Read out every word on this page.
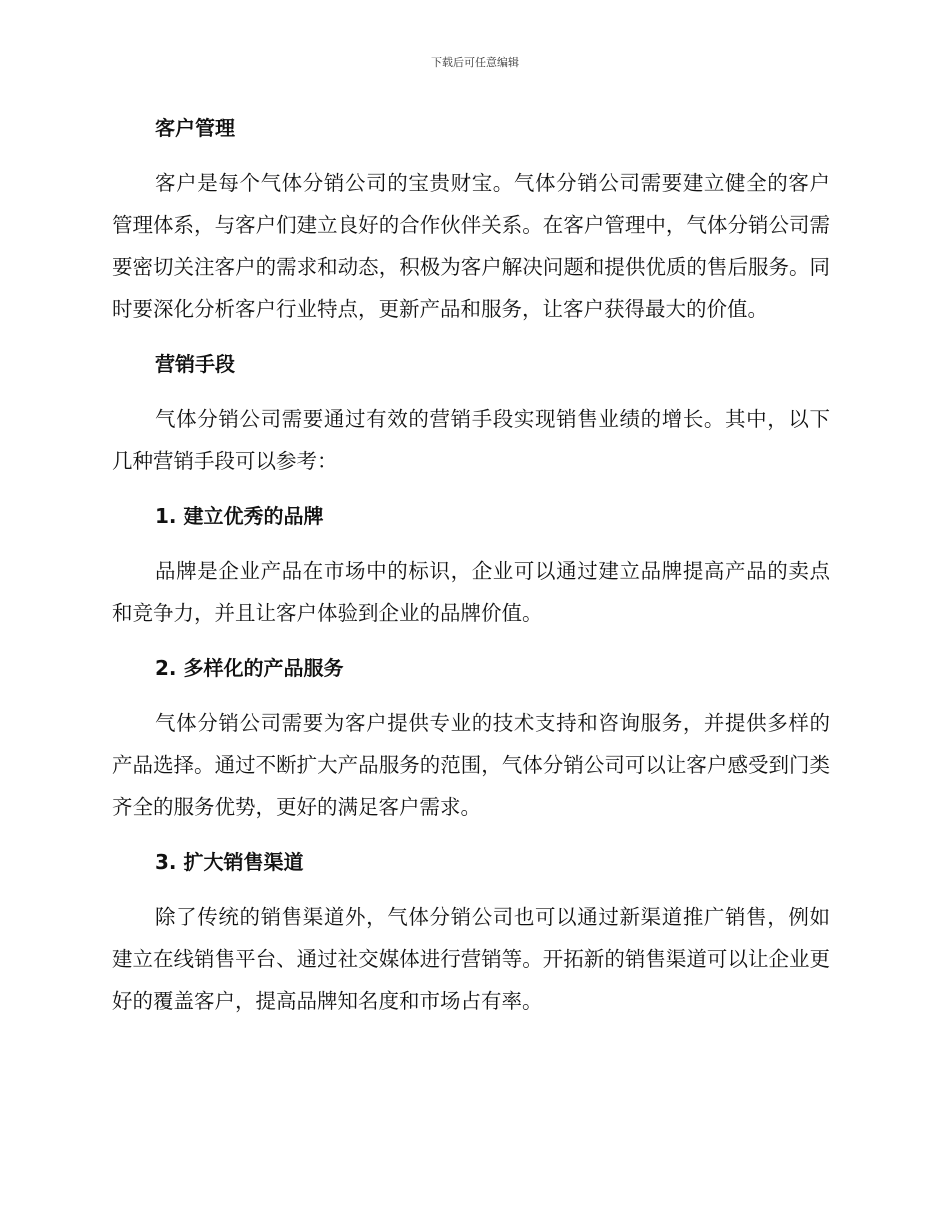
下载后可任意编辑
客户管理

客户是每个气体分销公司的宝贵财宝。气体分销公司需要建立健全的客户管理体系，与客户们建立良好的合作伙伴关系。在客户管理中，气体分销公司需要密切关注客户的需求和动态，积极为客户解决问题和提供优质的售后服务。同时要深化分析客户行业特点，更新产品和服务，让客户获得最大的价值。

营销手段

气体分销公司需要通过有效的营销手段实现销售业绩的增长。其中，以下几种营销手段可以参考：

1. 建立优秀的品牌

品牌是企业产品在市场中的标识，企业可以通过建立品牌提高产品的卖点和竞争力，并且让客户体验到企业的品牌价值。

2. 多样化的产品服务

气体分销公司需要为客户提供专业的技术支持和咨询服务，并提供多样的产品选择。通过不断扩大产品服务的范围，气体分销公司可以让客户感受到门类齐全的服务优势，更好的满足客户需求。

3. 扩大销售渠道

除了传统的销售渠道外，气体分销公司也可以通过新渠道推广销售，例如建立在线销售平台、通过社交媒体进行营销等。开拓新的销售渠道可以让企业更好的覆盖客户，提高品牌知名度和市场占有率。
